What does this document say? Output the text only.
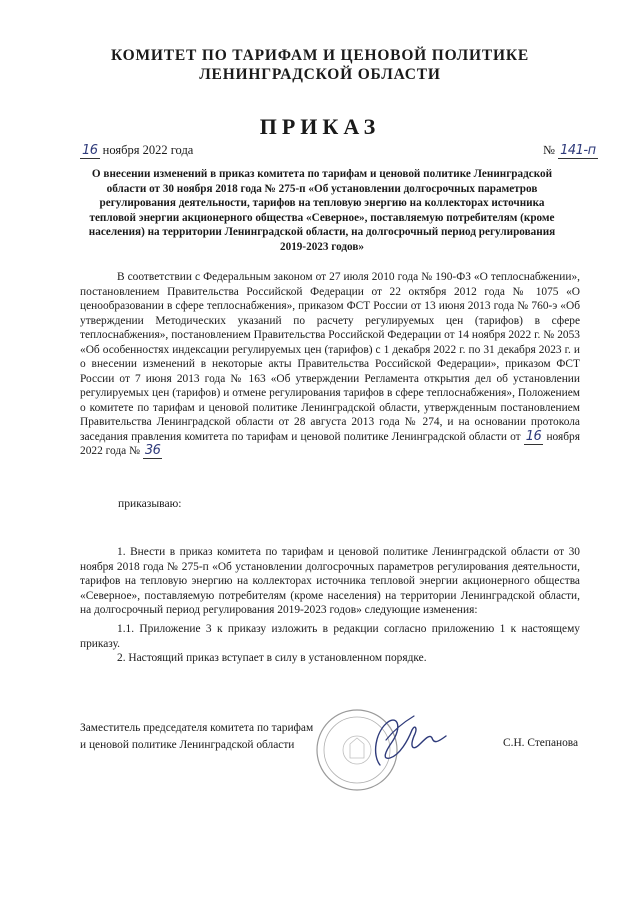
КОМИТЕТ ПО ТАРИФАМ И ЦЕНОВОЙ ПОЛИТИКЕ
ЛЕНИНГРАДСКОЙ ОБЛАСТИ
ПРИКАЗ
16 ноября 2022 года	№ 141-п
О внесении изменений в приказ комитета по тарифам и ценовой политике Ленинградской области от 30 ноября 2018 года № 275-п «Об установлении долгосрочных параметров регулирования деятельности, тарифов на тепловую энергию на коллекторах источника тепловой энергии акционерного общества «Северное», поставляемую потребителям (кроме населения) на территории Ленинградской области, на долгосрочный период регулирования 2019-2023 годов»
В соответствии с Федеральным законом от 27 июля 2010 года № 190-ФЗ «О теплоснабжении», постановлением Правительства Российской Федерации от 22 октября 2012 года № 1075 «О ценообразовании в сфере теплоснабжения», приказом ФСТ России от 13 июня 2013 года № 760-э «Об утверждении Методических указаний по расчету регулируемых цен (тарифов) в сфере теплоснабжения», постановлением Правительства Российской Федерации от 14 ноября 2022 г. № 2053 «Об особенностях индексации регулируемых цен (тарифов) с 1 декабря 2022 г. по 31 декабря 2023 г. и о внесении изменений в некоторые акты Правительства Российской Федерации», приказом ФСТ России от 7 июня 2013 года № 163 «Об утверждении Регламента открытия дел об установлении регулируемых цен (тарифов) и отмене регулирования тарифов в сфере теплоснабжения», Положением о комитете по тарифам и ценовой политике Ленинградской области, утвержденным постановлением Правительства Ленинградской области от 28 августа 2013 года № 274, и на основании протокола заседания правления комитета по тарифам и ценовой политике Ленинградской области от 16 ноября 2022 года № 36
приказываю:
1. Внести в приказ комитета по тарифам и ценовой политике Ленинградской области от 30 ноября 2018 года № 275-п «Об установлении долгосрочных параметров регулирования деятельности, тарифов на тепловую энергию на коллекторах источника тепловой энергии акционерного общества «Северное», поставляемую потребителям (кроме населения) на территории Ленинградской области, на долгосрочный период регулирования 2019-2023 годов» следующие изменения:
1.1. Приложение 3 к приказу изложить в редакции согласно приложению 1 к настоящему приказу.
2. Настоящий приказ вступает в силу в установленном порядке.
Заместитель председателя комитета по тарифам
и ценовой политике Ленинградской области	С.Н. Степанова
